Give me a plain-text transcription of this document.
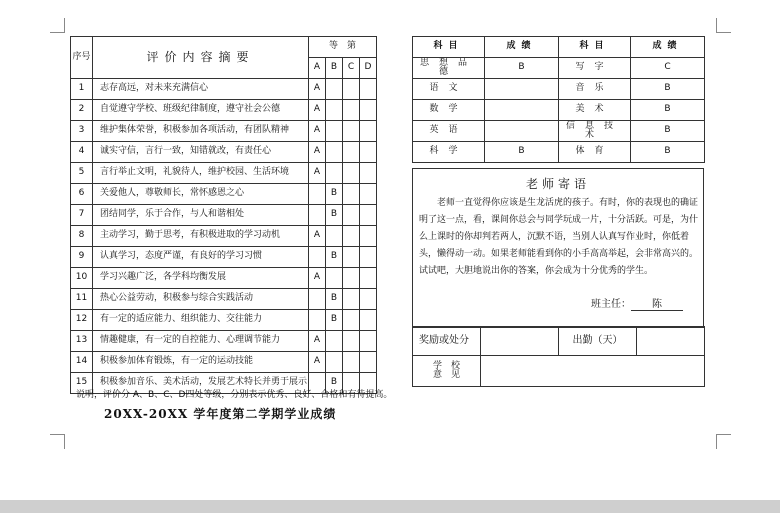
序号	评价内容摘要	等　第			
		A	B	C	D
1	志存高远，对未来充满信心	A			
2	自觉遵守学校、班级纪律制度，遵守社会公德	A			
3	维护集体荣誉，积极参加各项活动，有团队精神	A			
4	诚实守信，言行一致，知错就改，有责任心	A			
5	言行举止文明，礼貌待人，维护校园、生活环境	A			
6	关爱他人，尊敬师长，常怀感恩之心		B		
7	团结同学，乐于合作，与人和谐相处		B		
8	主动学习，勤于思考，有积极进取的学习动机	A			
9	认真学习，态度严谨，有良好的学习习惯		B		
10	学习兴趣广泛，各学科均衡发展	A			
11	热心公益劳动，积极参与综合实践活动		B		
12	有一定的适应能力、组织能力、交往能力		B		
13	情趣健康，有一定的自控能力、心理调节能力	A			
14	积极参加体育锻炼，有一定的运动技能	A			
15	积极参加音乐、美术活动，发展艺术特长并勇于展示		B		
说明，评价分 A、B、C、D四处等级，分别表示优秀、良好、合格和有待提高。
20XX-20XX 学年度第二学期学业成绩
科目	成绩	科目	成绩
思想品德	B	写字	C
语文		音乐	B
数学		美术	B
英语		信息技术	B
科学	B	体育	B
老师寄语
老师一直觉得你应该是生龙活虎的孩子。有时，你的表现也的确证明了这一点，看，课间你总会与同学玩成一片，十分活跃。可是，为什么上课时的你却判若两人，沉默不语，当别人认真写作业时，你低着头，懒得动一动。如果老师能看到你的小手高高举起，会非常高兴的。试试吧，大胆地说出你的答案，你会成为十分优秀的学生。
班主任： 陈
奖励或处分		出勤（天）	
学　校
意　见			
